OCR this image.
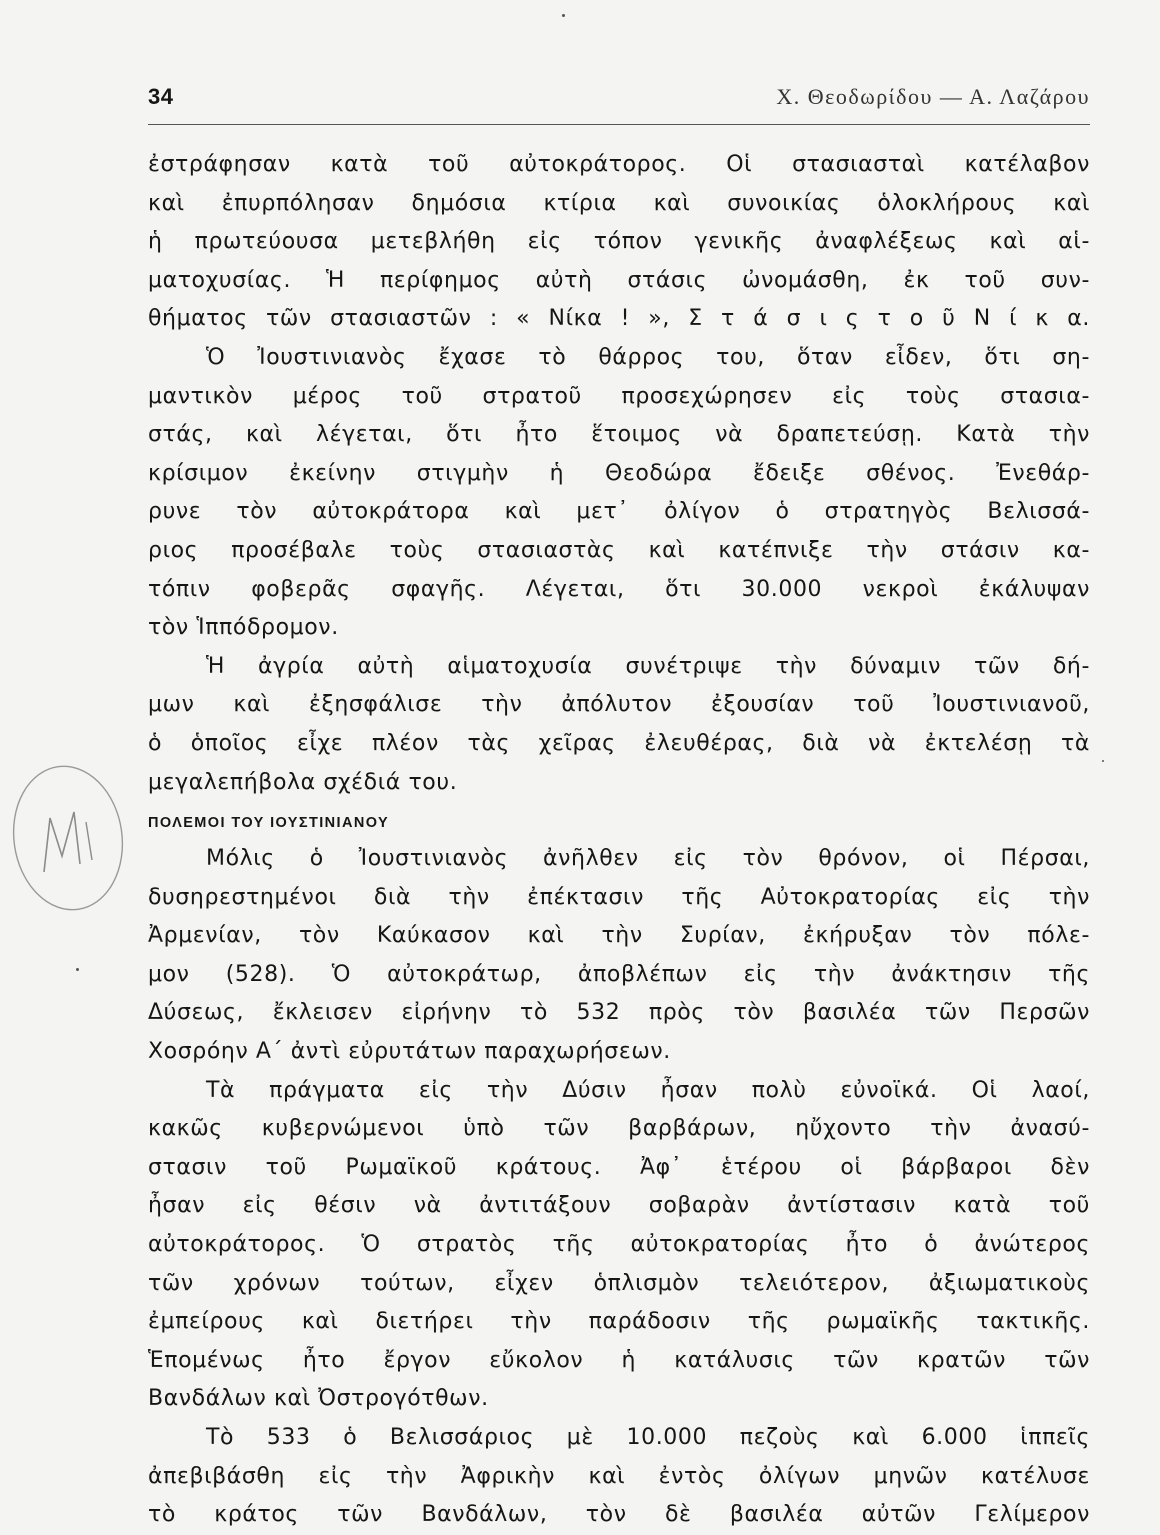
34	Χ. Θεοδωρίδου — Α. Λαζάρου
ἐστράφησαν κατὰ τοῦ αὐτοκράτορος. Οἱ στασιασταὶ κατέλαβον
καὶ ἐπυρπόλησαν δημόσια κτίρια καὶ συνοικίας ὁλοκλήρους καὶ
ἡ πρωτεύουσα μετεβλήθη εἰς τόπον γενικῆς ἀναφλέξεως καὶ αἱ-
ματοχυσίας. Ἡ περίφημος αὐτὴ στάσις ὠνομάσθη, ἐκ τοῦ συν-
θήματος τῶν στασιαστῶν : « Νίκα ! », Σ τ ά σ ι ς τ ο ῦ Ν ί κ α.
Ὁ Ἰουστινιανὸς ἔχασε τὸ θάρρος του, ὅταν εἶδεν, ὅτι ση-
μαντικὸν μέρος τοῦ στρατοῦ προσεχώρησεν εἰς τοὺς στασια-
στάς, καὶ λέγεται, ὅτι ἦτο ἕτοιμος νὰ δραπετεύσῃ. Κατὰ τὴν
κρίσιμον ἐκείνην στιγμὴν ἡ Θεοδώρα ἔδειξε σθένος. Ἐνεθάρ-
ρυνε τὸν αὐτοκράτορα καὶ μετ᾿ ὀλίγον ὁ στρατηγὸς Βελισσά-
ριος προσέβαλε τοὺς στασιαστὰς καὶ κατέπνιξε τὴν στάσιν κα-
τόπιν φοβερᾶς σφαγῆς. Λέγεται, ὅτι 30.000 νεκροὶ ἐκάλυψαν
τὸν Ἱππόδρομον.
Ἡ ἀγρία αὐτὴ αἱματοχυσία συνέτριψε τὴν δύναμιν τῶν δή-
μων καὶ ἐξησφάλισε τὴν ἀπόλυτον ἐξουσίαν τοῦ Ἰουστινιανοῦ,
ὁ ὁποῖος εἶχε πλέον τὰς χεῖρας ἐλευθέρας, διὰ νὰ ἐκτελέσῃ τὰ
μεγαλεπήβολα σχέδιά του.
ΠΟΛΕΜΟΙ ΤΟΥ ΙΟΥΣΤΙΝΙΑΝΟΥ
Μόλις ὁ Ἰουστινιανὸς ἀνῆλθεν εἰς τὸν θρόνον, οἱ Πέρσαι,
δυσηρεστημένοι διὰ τὴν ἐπέκτασιν τῆς Αὐτοκρατορίας εἰς τὴν
Ἀρμενίαν, τὸν Καύκασον καὶ τὴν Συρίαν, ἐκήρυξαν τὸν πόλε-
μον (528). Ὁ αὐτοκράτωρ, ἀποβλέπων εἰς τὴν ἀνάκτησιν τῆς
Δύσεως, ἔκλεισεν εἰρήνην τὸ 532 πρὸς τὸν βασιλέα τῶν Περσῶν
Χοσρόην Α΄ ἀντὶ εὐρυτάτων παραχωρήσεων.
Τὰ πράγματα εἰς τὴν Δύσιν ἦσαν πολὺ εὐνοϊκά. Οἱ λαοί,
κακῶς κυβερνώμενοι ὑπὸ τῶν βαρβάρων, ηὔχοντο τὴν ἀνασύ-
στασιν τοῦ Ρωμαϊκοῦ κράτους. Ἀφ᾿ ἑτέρου οἱ βάρβαροι δὲν
ἦσαν εἰς θέσιν νὰ ἀντιτάξουν σοβαρὰν ἀντίστασιν κατὰ τοῦ
αὐτοκράτορος. Ὁ στρατὸς τῆς αὐτοκρατορίας ἦτο ὁ ἀνώτερος
τῶν χρόνων τούτων, εἶχεν ὁπλισμὸν τελειότερον, ἀξιωματικοὺς
ἐμπείρους καὶ διετήρει τὴν παράδοσιν τῆς ρωμαϊκῆς τακτικῆς.
Ἑπομένως ἦτο ἔργον εὔκολον ἡ κατάλυσις τῶν κρατῶν τῶν
Βανδάλων καὶ Ὀστρογότθων.
Τὸ 533 ὁ Βελισσάριος μὲ 10.000 πεζοὺς καὶ 6.000 ἱππεῖς
ἀπεβιβάσθη εἰς τὴν Ἀφρικὴν καὶ ἐντὸς ὀλίγων μηνῶν κατέλυσε
τὸ κράτος τῶν Βανδάλων, τὸν δὲ βασιλέα αὐτῶν Γελίμερον
